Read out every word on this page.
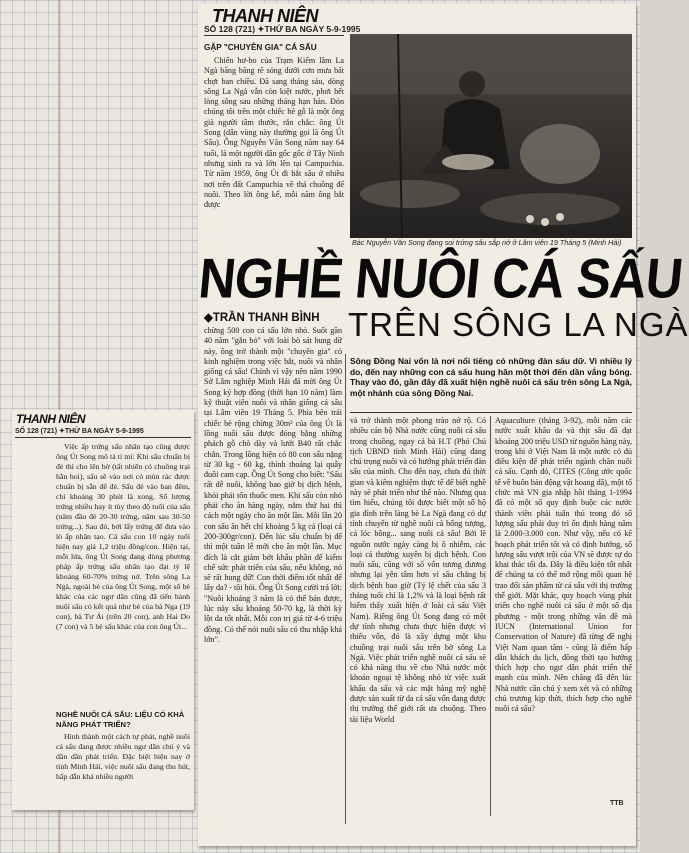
THANH NIÊN
SỐ 128 (721) ✦THỨ BA NGÀY 5-9-1995
GẶP "CHUYÊN GIA" CÁ SẤU
Chiến hơ-bo của Trạm Kiểm lâm La Ngà băng băng rẽ sóng dưới cơn mưa bất chợt ban chiều. Đã sang tháng sáu, dòng sông La Ngà vẫn còn kiệt nước, phơi hết lòng sông sau những tháng hạn hán. Đón chúng tôi trên một chiếc bè gỗ là một ông già người tầm thước, rắn chắc: ông Út Song (dân vùng này thường gọi là ông Út Sấu). Ông Nguyễn Văn Song năm nay 64 tuổi, là một người dân gốc gốc ở Tây Ninh nhưng sinh ra và lớn lên tại Campuchia. Từ năm 1959, ông Út đi bắt sấu ở nhiều nơi trên đất Campuchia về thả chuồng để nuôi. Theo lời ông kể, mỗi năm ông bắt được
Bác Nguyễn Văn Song đang soi trứng sấu sắp nở ở Lâm viên 19 Tháng 5 (Minh Hải)
NGHỀ NUÔI CÁ SẤU
◆TRẦN THANH BÌNH TRÊN SÔNG LA NGÀ
chừng 500 con cá sấu lớn nhỏ. Suốt gần 40 năm "gắn bó" với loài bò sát hung dữ này, ông trở thành một "chuyên gia" có kinh nghiệm trong việc bắt, nuôi và nhân giống cá sấu! Chính vì vậy nên năm 1990 Sở Lâm nghiệp Minh Hải đã mời ông Út Song ký hợp đồng (thời hạn 10 năm) làm kỹ thuật viên nuôi và nhân giống cá sấu tại Lâm viên 19 Tháng 5. Phía bên trái chiếc bè rộng chừng 30m² của ông Út là lồng nuôi sấu được đóng bằng những phách gỗ chò dày và lưới B40 rất chắc chắn. Trong lồng hiện có 80 con sấu nặng từ 30 kg - 60 kg, thỉnh thoảng lại quẫy đuôi cam cạp. Ông Út Song cho biết: "Sấu rất dễ nuôi, không bao giờ bị dịch bệnh, khỏi phải tốn thuốc men. Khi sấu còn nhỏ phải cho ăn hàng ngày, nằm thứ hai thì cách một ngày cho ăn một lần. Mỗi lần 20 con sấu ăn hết chỉ khoảng 5 kg cá (loại cá 200-300gr/con). Đến lúc sấu chuẩn bị để thì một tuần lễ mới cho ăn một lần. Mục đích là cắt giảm bớt khẩu phần để kiểm chế sức phát triển của sấu, nếu không, nó sẽ rất hung dữ! Con thời điểm tốt nhất để lấy da? - tôi hỏi. Ông Út Song cười trả lời: "Nuôi khoảng 3 năm là có thể bán được, lúc này sấu khoảng 50-70 kg, là thời kỳ lột da tốt nhất. Mỗi con trị giá từ 4-6 triệu đồng. Có thể nói nuôi sấu có thu nhập khá lớn".
Sông Đồng Nai vốn là nơi nổi tiếng có những đàn sấu dữ. Vì nhiều lý do, đến nay những con cá sấu hung hãn một thời đến dần vắng bóng. Thay vào đó, gần đây đã xuất hiện nghề nuôi cá sấu trên sông La Ngà, một nhánh của sông Đồng Nai.
và trở thành một phong trào nở rộ. Có nhiều cán bộ Nhà nước cũng nuôi cá sấu trong chuồng, ngay cả bà H.T (Phó Chủ tịch UBND tỉnh Minh Hải) cũng đang chú trọng nuôi và có hướng phát triển đàn sấu của mình. Cho đến nay, chưa đủ thời gian và kiểm nghiệm thực tế để biết nghề này sẽ phát triển như thế nào. Nhưng qua tìm hiểu, chúng tôi được biết một số hộ gia đình trên làng bè La Ngà đang có dự tính chuyển từ nghề nuôi cá bống tượng, cá lóc bông... sang nuôi cá sấu! Bởi lẽ nguồn nước ngày càng bị ô nhiễm, các loại cá thường xuyên bị dịch bệnh. Con nuôi sấu, cũng với số vốn tương đương nhưng lại yên tâm hơn vì sấu chẳng bị dịch bệnh bao giờ (Tỷ lệ chết của sấu 3 tháng tuổi chỉ là 1,2% và là loại bệnh rất hiếm thấy xuất hiện ở loài cá sấu Việt Nam). Riêng ông Út Song đang có một dự tính nhưng chưa thực hiện được vì thiếu vốn, đó là xây dựng một khu chuồng trại nuôi sấu trên bờ sông La Ngà. Việc phát triển nghề nuôi cá sấu sẽ có khả năng thu về cho Nhà nước một khoản ngoại tệ không nhỏ từ việc xuất khẩu da sấu và các mặt hàng mỹ nghệ được sản xuất từ da cá sấu vốn đang được thị trường thế giới rất ưa chuộng. Theo tài liệu World
Aquaculture (tháng 3-92), mỗi năm các nước xuất khẩu da và thịt sấu đã đạt khoảng 200 triệu USD từ nguồn hàng này, trong khi ở Việt Nam là một nước có đủ điều kiện để phát triển ngành chăn nuôi cá sấu. Cạnh đó, CITES (Công ước quốc tế về buôn bán động vật hoang dã), một tổ chức mà VN gia nhập hồi tháng 1-1994 đã có một số quy định buộc các nước thành viên phải tuân thủ trong đó số lượng sấu phải duy trì ổn định hàng năm là 2.000-3.000 con. Như vậy, nếu có kế hoạch phát triển tốt và có định hướng, số lượng sấu vượt trội của VN sẽ được tự do khai thác tối đa. Đây là điều kiện tốt nhất để chúng ta có thể mở rộng mối quan hệ trao đổi sản phẩm từ cá sấu với thị trường thế giới. Mặt khác, quy hoạch vùng phát triển cho nghề nuôi cá sấu ở một số địa phương - một trong những văn đề mà IUCN (International Union for Conservation of Nature) đã từng đề nghị Việt Nam quan tâm - cũng là điểm hấp dẫn khách du lịch, đồng thời tạo hướng thích hợp cho ngư dân phát triển thế mạnh của mình. Nên chăng đã đến lúc Nhà nước cần chú ý xem xét và có những chủ trương kịp thời, thích hợp cho nghề nuôi cá sấu?
TTB
THANH NIÊN
SỐ 128 (721) ✦THỨ BA NGÀY 5-9-1995
Việc ấp trứng sấu nhân tạo cũng được ông Út Song mô tả tỉ mỉ: Khi sấu chuẩn bị đẻ thì cho lên bờ (tất nhiên có chuồng trại hẳn hoi), sấu sẽ vào nơi có mùn rác được chuẩn bị sẵn để đẻ. Sấu đẻ vào ban đêm, chỉ khoảng 30 phút là xong. Số lượng trứng nhiều hay ít tùy theo độ tuổi của sấu (năm đầu đẻ 20-30 trứng, năm sau 30-50 trứng...). Sau đó, bới lấy trứng để đưa vào lò ấp nhân tạo. Cá sấu con 10 ngày tuổi hiện nay giá 1,2 triệu đồng/con. Hiện tại, mỗi lứa, ông Út Song đang dùng phương pháp ấp trứng sấu nhân tạo đạt tỷ lệ khoảng 60-70% trứng nở. Trên sông La Ngà, ngoài bè của ông Út Song, một số bè khác của các ngư dân cũng đã tiến hành nuôi sấu có kết quả như bè của bà Nga (19 con), bà Tư Ái (trên 20 con), anh Hai Do (7 con) và 5 bè sấu khác của con ông Út...
NGHỀ NUÔI CÁ SẤU: LIỆU CÓ KHẢ NĂNG PHÁT TRIỂN?
Hình thành một cách tự phát, nghề nuôi cá sấu đang được nhiều ngư dân chú ý và dần dần phát triển. Đặc biệt hiện nay ở tỉnh Minh Hải, việc nuôi sấu đang thu hút, hấp dẫn khá nhiều người
